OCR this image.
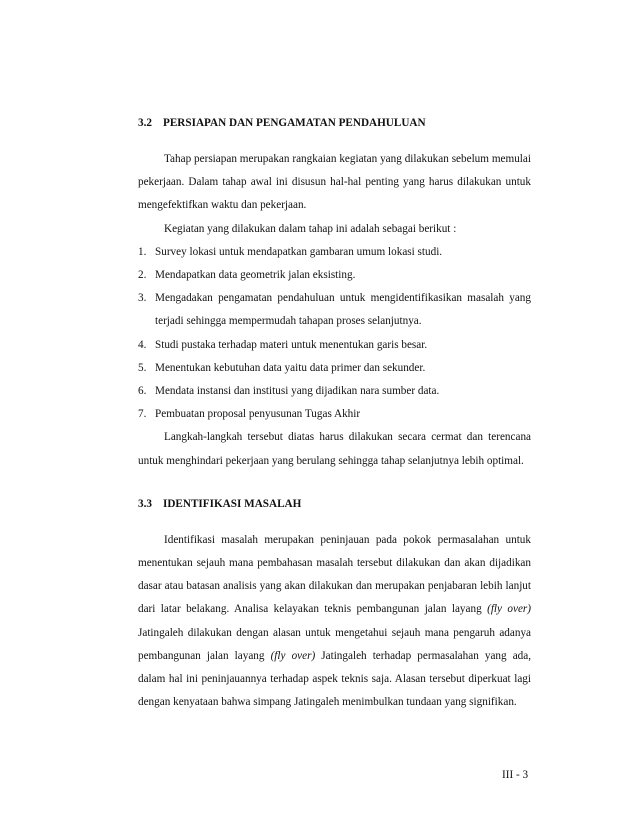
3.2 PERSIAPAN DAN PENGAMATAN PENDAHULUAN

Tahap persiapan merupakan rangkaian kegiatan yang dilakukan sebelum memulai pekerjaan. Dalam tahap awal ini disusun hal-hal penting yang harus dilakukan untuk mengefektifkan waktu dan pekerjaan.

Kegiatan yang dilakukan dalam tahap ini adalah sebagai berikut :

1. Survey lokasi untuk mendapatkan gambaran umum lokasi studi.
2. Mendapatkan data geometrik jalan eksisting.
3. Mengadakan pengamatan pendahuluan untuk mengidentifikasikan masalah yang terjadi sehingga mempermudah tahapan proses selanjutnya.
4. Studi pustaka terhadap materi untuk menentukan garis besar.
5. Menentukan kebutuhan data yaitu data primer dan sekunder.
6. Mendata instansi dan institusi yang dijadikan nara sumber data.
7. Pembuatan proposal penyusunan Tugas Akhir

Langkah-langkah tersebut diatas harus dilakukan secara cermat dan terencana untuk menghindari pekerjaan yang berulang sehingga tahap selanjutnya lebih optimal.

3.3 IDENTIFIKASI MASALAH

Identifikasi masalah merupakan peninjauan pada pokok permasalahan untuk menentukan sejauh mana pembahasan masalah tersebut dilakukan dan akan dijadikan dasar atau batasan analisis yang akan dilakukan dan merupakan penjabaran lebih lanjut dari latar belakang. Analisa kelayakan teknis pembangunan jalan layang (fly over) Jatingaleh dilakukan dengan alasan untuk mengetahui sejauh mana pengaruh adanya pembangunan jalan layang (fly over) Jatingaleh terhadap permasalahan yang ada, dalam hal ini peninjauannya terhadap aspek teknis saja. Alasan tersebut diperkuat lagi dengan kenyataan bahwa simpang Jatingaleh menimbulkan tundaan yang signifikan.

III - 3
